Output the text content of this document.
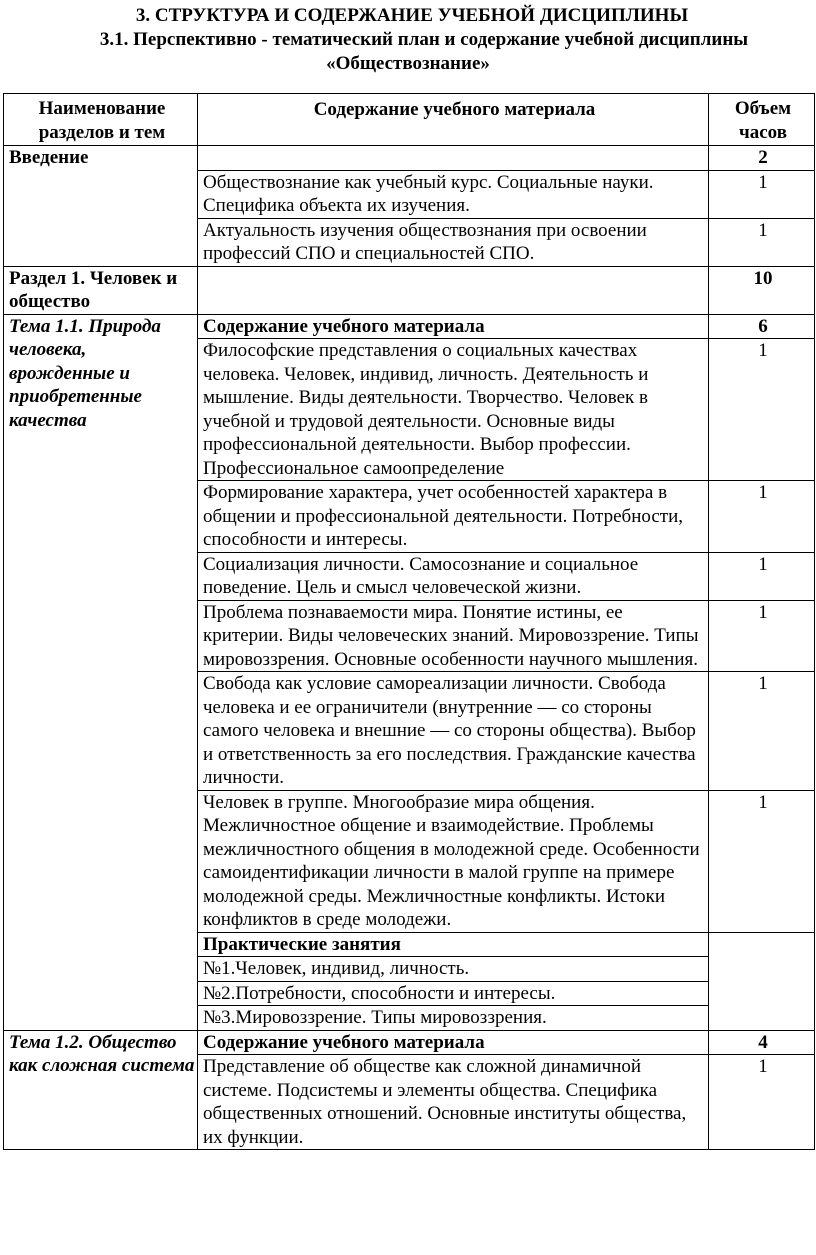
3. СТРУКТУРА И СОДЕРЖАНИЕ УЧЕБНОЙ ДИСЦИПЛИНЫ
3.1. Перспективно - тематический план и содержание учебной дисциплины
«Обществознание»
Наименование разделов и тем	Содержание учебного материала	Объем часов
Введение		2
	Обществознание как учебный курс. Социальные науки. Специфика объекта их изучения.	1
	Актуальность изучения обществознания при освоении профессий СПО и специальностей СПО.	1
Раздел 1. Человек и общество		10
Тема 1.1. Природа человека, врожденные и приобретенные качества	Содержание учебного материала	6
	Философские представления о социальных качествах человека. Человек, индивид, личность. Деятельность и мышление. Виды деятельности. Творчество. Человек в учебной и трудовой деятельности. Основные виды профессиональной деятельности. Выбор профессии. Профессиональное самоопределение	1
	Формирование характера, учет особенностей характера в общении и профессиональной деятельности. Потребности, способности и интересы.	1
	Социализация личности. Самосознание и социальное поведение. Цель и смысл человеческой жизни.	1
	Проблема познаваемости мира. Понятие истины, ее критерии. Виды человеческих знаний. Мировоззрение. Типы мировоззрения. Основные особенности научного мышления.	1
	Свобода как условие самореализации личности. Свобода человека и ее ограничители (внутренние — со стороны самого человека и внешние — со стороны общества). Выбор и ответственность за его последствия. Гражданские качества личности.	1
	Человек в группе. Многообразие мира общения. Межличностное общение и взаимодействие. Проблемы межличностного общения в молодежной среде. Особенности самоидентификации личности в малой группе на примере молодежной среды. Межличностные конфликты. Истоки конфликтов в среде молодежи.	1
	Практические занятия	
	№1.Человек, индивид, личность.	
	№2.Потребности, способности и интересы.	
	№3.Мировоззрение. Типы мировоззрения.	
Тема 1.2. Общество как сложная система	Содержание учебного материала	4
	Представление об обществе как сложной динамичной системе. Подсистемы и элементы общества. Специфика общественных отношений. Основные институты общества, их функции.	1
